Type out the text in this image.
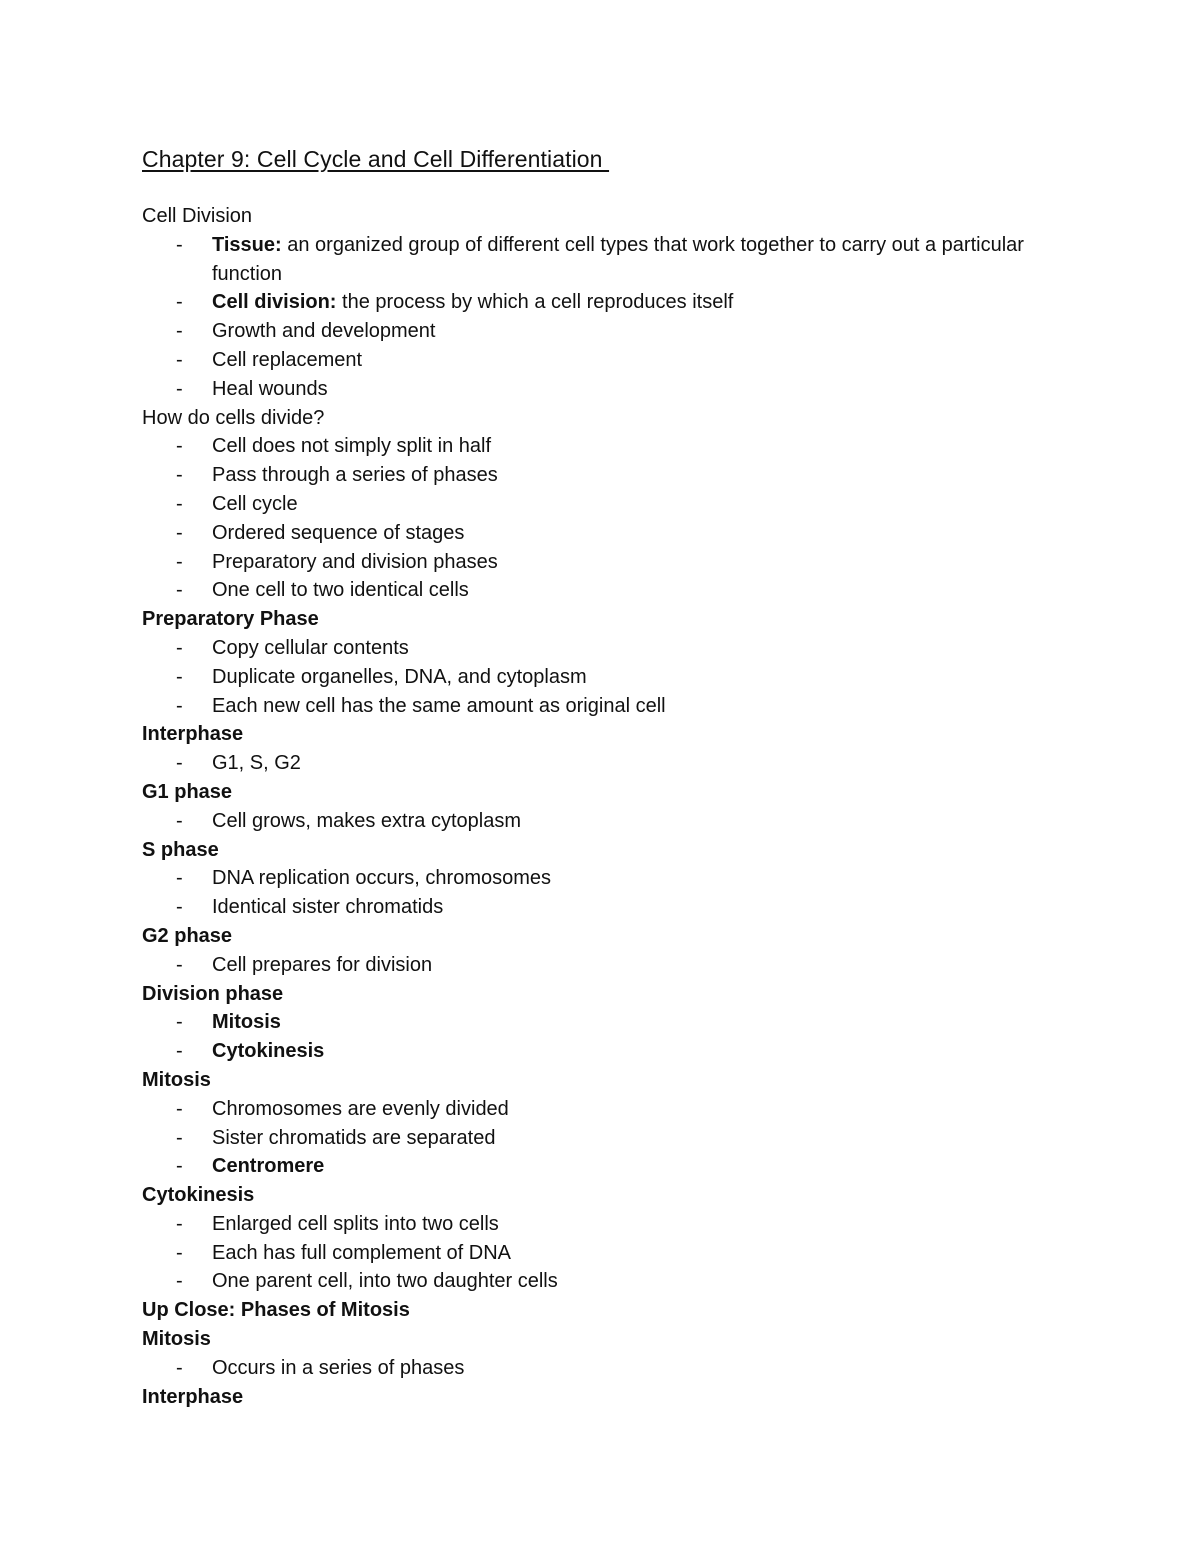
Chapter 9: Cell Cycle and Cell Differentiation
Cell Division
- Tissue: an organized group of different cell types that work together to carry out a particular function
- Cell division: the process by which a cell reproduces itself
- Growth and development
- Cell replacement
- Heal wounds
How do cells divide?
- Cell does not simply split in half
- Pass through a series of phases
- Cell cycle
- Ordered sequence of stages
- Preparatory and division phases
- One cell to two identical cells
Preparatory Phase
- Copy cellular contents
- Duplicate organelles, DNA, and cytoplasm
- Each new cell has the same amount as original cell
Interphase
- G1, S, G2
G1 phase
- Cell grows, makes extra cytoplasm
S phase
- DNA replication occurs, chromosomes
- Identical sister chromatids
G2 phase
- Cell prepares for division
Division phase
- Mitosis
- Cytokinesis
Mitosis
- Chromosomes are evenly divided
- Sister chromatids are separated
- Centromere
Cytokinesis
- Enlarged cell splits into two cells
- Each has full complement of DNA
- One parent cell, into two daughter cells
Up Close: Phases of Mitosis
Mitosis
- Occurs in a series of phases
Interphase
